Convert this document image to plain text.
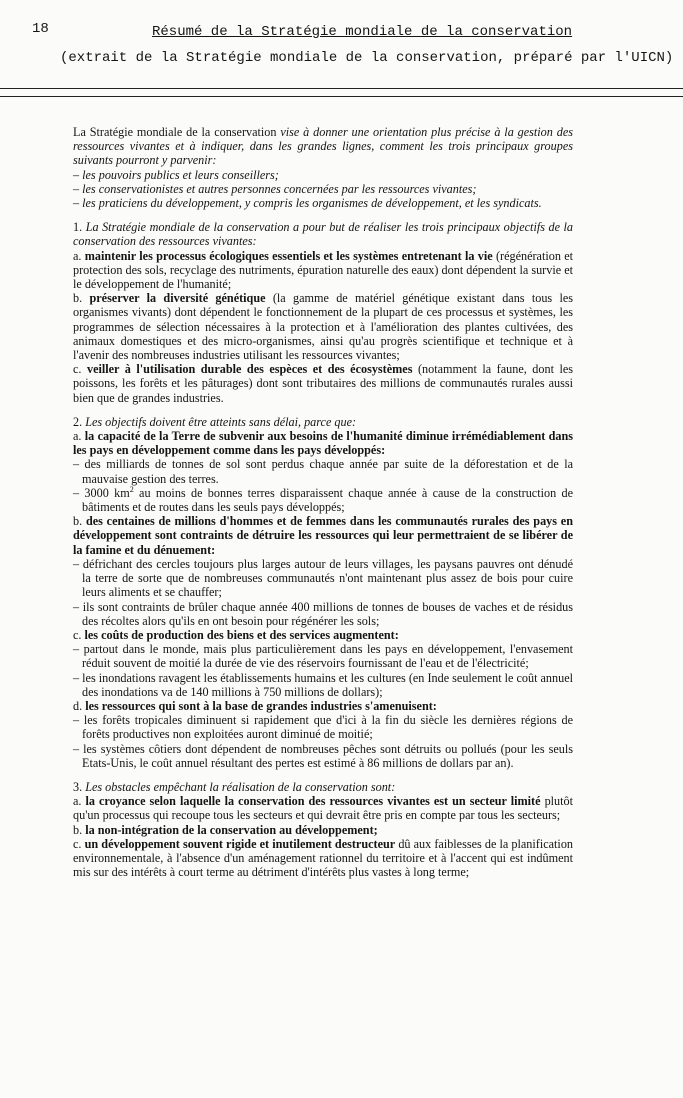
18	Résumé de la Stratégie mondiale de la conservation
(extrait de la Stratégie mondiale de la conservation, préparé par l'UICN)

La Stratégie mondiale de la conservation vise à donner une orientation plus précise à la gestion des ressources vivantes et à indiquer, dans les grandes lignes, comment les trois principaux groupes suivants pourront y parvenir:

– les pouvoirs publics et leurs conseillers;

– les conservationistes et autres personnes concernées par les ressources vivantes;

– les praticiens du développement, y compris les organismes de développement, et les syndicats.

1. La Stratégie mondiale de la conservation a pour but de réaliser les trois principaux objectifs de la conservation des ressources vivantes:

a. maintenir les processus écologiques essentiels et les systèmes entretenant la vie (régénération et protection des sols, recyclage des nutriments, épuration naturelle des eaux) dont dépendent la survie et le développement de l'humanité;

b. préserver la diversité génétique (la gamme de matériel génétique existant dans tous les organismes vivants) dont dépendent le fonctionnement de la plupart de ces processus et systèmes, les programmes de sélection nécessaires à la protection et à l'amélioration des plantes cultivées, des animaux domestiques et des micro-organismes, ainsi qu'au progrès scientifique et technique et à l'avenir des nombreuses industries utilisant les ressources vivantes;

c. veiller à l'utilisation durable des espèces et des écosystèmes (notamment la faune, dont les poissons, les forêts et les pâturages) dont sont tributaires des millions de communautés rurales aussi bien que de grandes industries.

2. Les objectifs doivent être atteints sans délai, parce que:

a. la capacité de la Terre de subvenir aux besoins de l'humanité diminue irrémédiablement dans les pays en développement comme dans les pays développés:

– des milliards de tonnes de sol sont perdus chaque année par suite de la déforestation et de la mauvaise gestion des terres.

– 3000 $km^2$ au moins de bonnes terres disparaissent chaque année à cause de la construction de bâtiments et de routes dans les seuls pays développés;

b. des centaines de millions d'hommes et de femmes dans les communautés rurales des pays en développement sont contraints de détruire les ressources qui leur permettraient de se libérer de la famine et du dénuement:

– défrichant des cercles toujours plus larges autour de leurs villages, les paysans pauvres ont dénudé la terre de sorte que de nombreuses communautés n'ont maintenant plus assez de bois pour cuire leurs aliments et se chauffer;

– ils sont contraints de brûler chaque année 400 millions de tonnes de bouses de vaches et de résidus des récoltes alors qu'ils en ont besoin pour régénérer les sols;

c. les coûts de production des biens et des services augmentent:

– partout dans le monde, mais plus particulièrement dans les pays en développement, l'envasement réduit souvent de moitié la durée de vie des réservoirs fournissant de l'eau et de l'électricité;

– les inondations ravagent les établissements humains et les cultures (en Inde seulement le coût annuel des inondations va de 140 millions à 750 millions de dollars);

d. les ressources qui sont à la base de grandes industries s'amenuisent:

– les forêts tropicales diminuent si rapidement que d'ici à la fin du siècle les dernières régions de forêts productives non exploitées auront diminué de moitié;

– les systèmes côtiers dont dépendent de nombreuses pêches sont détruits ou pollués (pour les seuls Etats-Unis, le coût annuel résultant des pertes est estimé à 86 millions de dollars par an).

3. Les obstacles empêchant la réalisation de la conservation sont:

a. la croyance selon laquelle la conservation des ressources vivantes est un secteur limité plutôt qu'un processus qui recoupe tous les secteurs et qui devrait être pris en compte par tous les secteurs;

b. la non-intégration de la conservation au développement;

c. un développement souvent rigide et inutilement destructeur dû aux faiblesses de la planification environnementale, à l'absence d'un aménagement rationnel du territoire et à l'accent qui est indûment mis sur des intérêts à court terme au détriment d'intérêts plus vastes à long terme;
